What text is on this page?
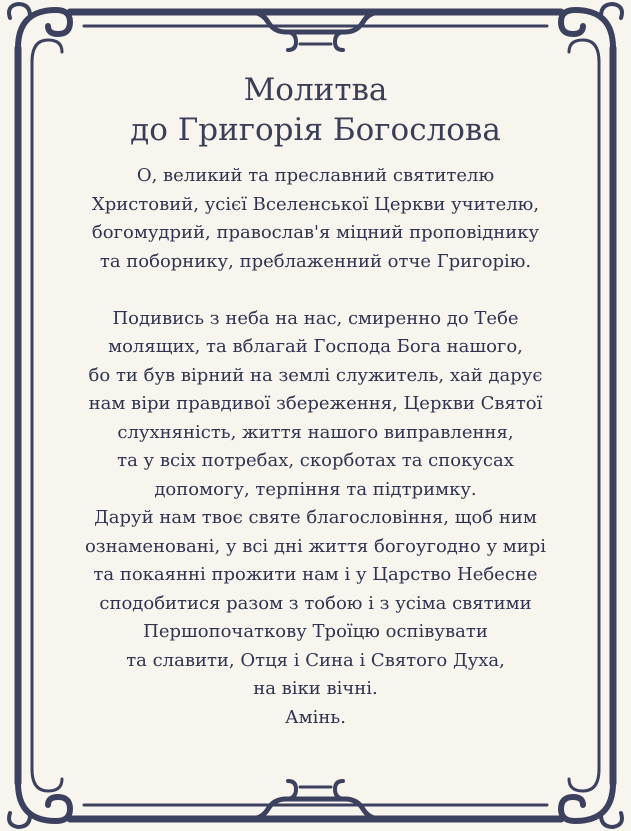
Молитва
до Григорія Богослова
О, великий та преславний святителю
Христовий, усієї Вселенської Церкви учителю,
богомудрий, православ'я міцний проповіднику
та поборнику, преблаженний отче Григорію.
Подивись з неба на нас, смиренно до Тебе
молящих, та вблагай Господа Бога нашого,
бо ти був вірний на землі служитель, хай дарує
нам віри правдивої збереження, Церкви Святої
слухняність, життя нашого виправлення,
та у всіх потребах, скорботах та спокусах
допомогу, терпіння та підтримку.
Даруй нам твоє святе благословіння, щоб ним
ознаменовані, у всі дні життя богоугодно у мирі
та покаянні прожити нам і у Царство Небесне
сподобитися разом з тобою і з усіма святими
Першопочаткову Троїцю оспівувати
та славити, Отця і Сина і Святого Духа,
на віки вічні.
Амінь.
